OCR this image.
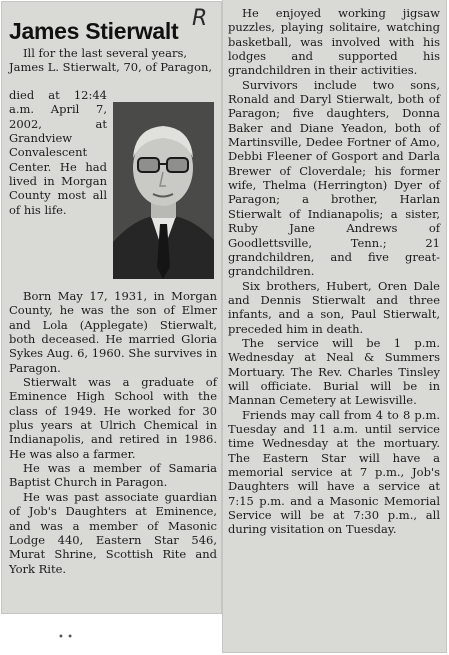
James Stierwalt R

Ill for the last several years,

James L. Stierwalt, 70, of Paragon,

died at 12:44 a.m. April 7, 2002, at Grandview Convalescent Center. He had lived in Morgan County most all of his life.

Born May 17, 1931, in Morgan County, he was the son of Elmer and Lola (Applegate) Stierwalt, both deceased. He married Gloria Sykes Aug. 6, 1960. She survives in Paragon.

Stierwalt was a graduate of Eminence High School with the class of 1949. He worked for 30 plus years at Ulrich Chemical in Indianapolis, and retired in 1986. He was also a farmer.

He was a member of Samaria Baptist Church in Paragon.

He was past associate guardian of Job's Daughters at Eminence, and was a member of Masonic Lodge 440, Eastern Star 546, Murat Shrine, Scottish Rite and York Rite.

He enjoyed working jigsaw puzzles, playing solitaire, watching basketball, was involved with his lodges and supported his grandchildren in their activities.

Survivors include two sons, Ronald and Daryl Stierwalt, both of Paragon; five daughters, Donna Baker and Diane Yeadon, both of Martinsville, Dedee Fortner of Amo, Debbi Fleener of Gosport and Darla Brewer of Cloverdale; his former wife, Thelma (Herrington) Dyer of Paragon; a brother, Harlan Stierwalt of Indianapolis; a sister, Ruby Jane Andrews of Goodlettsville, Tenn.; 21 grandchildren, and five great-grandchildren.

Six brothers, Hubert, Oren Dale and Dennis Stierwalt and three infants, and a son, Paul Stierwalt, preceded him in death.

The service will be 1 p.m. Wednesday at Neal & Summers Mortuary. The Rev. Charles Tinsley will officiate. Burial will be in Mannan Cemetery at Lewisville.

Friends may call from 4 to 8 p.m. Tuesday and 11 a.m. until service time Wednesday at the mortuary. The Eastern Star will have a memorial service at 7 p.m., Job's Daughters will have a service at 7:15 p.m. and a Masonic Memorial Service will be at 7:30 p.m., all during visitation on Tuesday.

• •
